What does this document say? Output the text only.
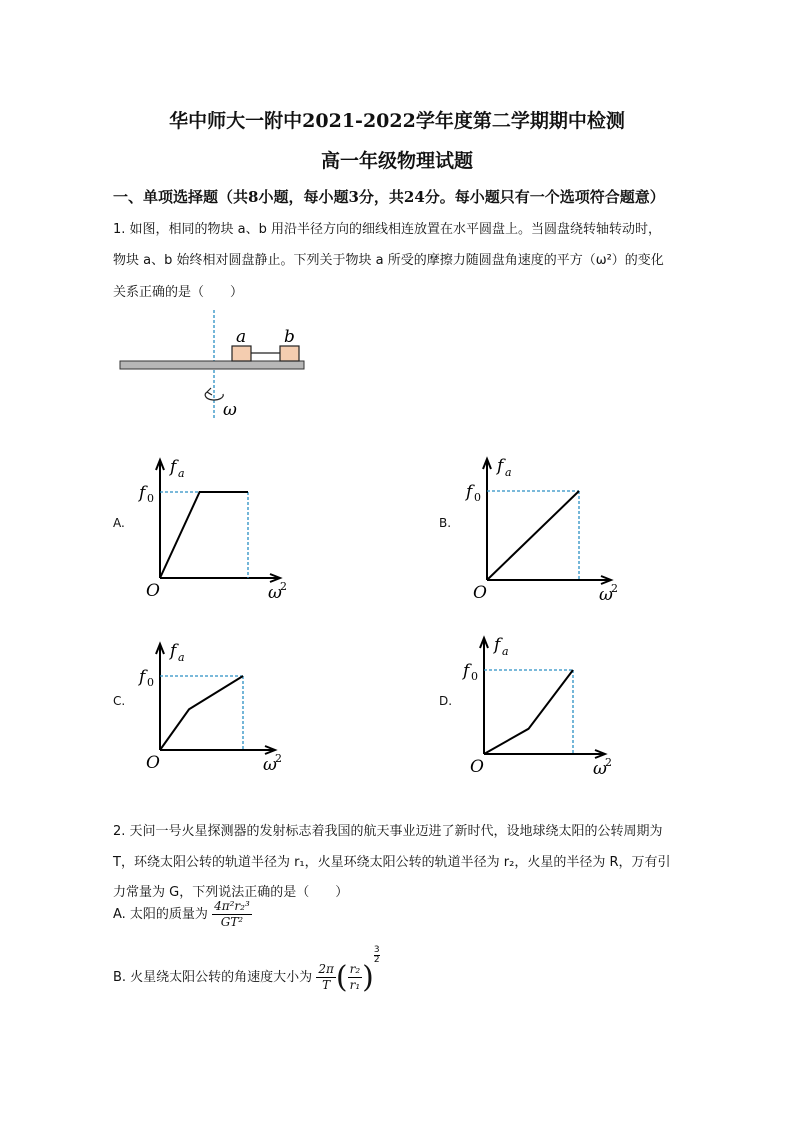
华中师大一附中2021-2022学年度第二学期期中检测
高一年级物理试题
一、单项选择题（共8小题，每小题3分，共24分。每小题只有一个选项符合题意）
1. 如图，相同的物块 a、b 用沿半径方向的细线相连放置在水平圆盘上。当圆盘绕转轴转动时，
物块 a、b 始终相对圆盘静止。下列关于物块 a 所受的摩擦力随圆盘角速度的平方（ω²）的变化
关系正确的是（　　）
a b
ω
A.	B.
C.	D.
f a
f 0
O	ω
2
f a
f 0
O	ω
2
f a
f 0
O	ω
2
f a
f 0
O	ω
2
2. 天问一号火星探测器的发射标志着我国的航天事业迈进了新时代，设地球绕太阳的公转周期为
T，环绕太阳公转的轨道半径为 r₁，火星环绕太阳公转的轨道半径为 r₂，火星的半径为 R，万有引
力常量为 G，下列说法正确的是（　　）
A. 太阳的质量为 $\frac{\text{4π²r₂³}}{\text{GT²}}$
B. 火星绕太阳公转的角速度大小为 $\frac{2\pi}{T}$ ( $\frac{\text{r₂}}{\text{r₁}}$ )
$\frac{3}{2}$
